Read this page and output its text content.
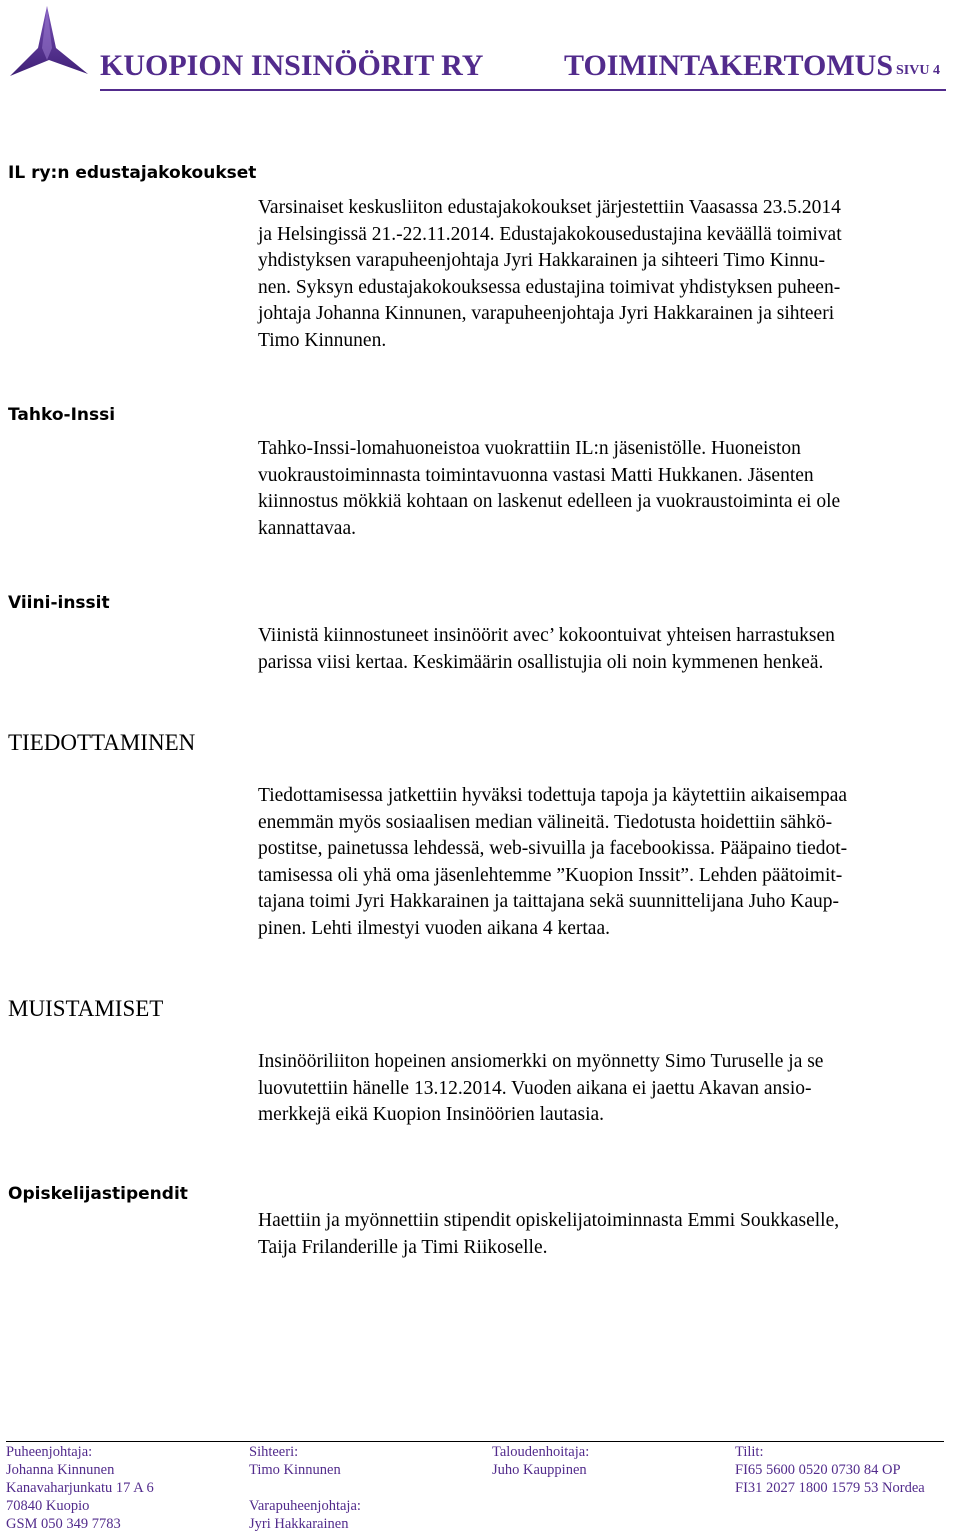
KUOPION INSINÖÖRIT RY	TOIMINTAKERTOMUS SIVU 4
IL ry:n edustajakokoukset
Varsinaiset keskusliiton edustajakokoukset järjestettiin Vaasassa 23.5.2014
ja Helsingissä 21.-22.11.2014. Edustajakokousedustajina keväällä toimivat
yhdistyksen varapuheenjohtaja Jyri Hakkarainen ja sihteeri Timo Kinnu-
nen. Syksyn edustajakokouksessa edustajina toimivat yhdistyksen puheen-
johtaja Johanna Kinnunen, varapuheenjohtaja Jyri Hakkarainen ja sihteeri
Timo Kinnunen.
Tahko-Inssi
Tahko-Inssi-lomahuoneistoa vuokrattiin IL:n jäsenistölle. Huoneiston
vuokraustoiminnasta toimintavuonna vastasi Matti Hukkanen. Jäsenten
kiinnostus mökkiä kohtaan on laskenut edelleen ja vuokraustoiminta ei ole
kannattavaa.
Viini-inssit
Viinistä kiinnostuneet insinöörit avec’ kokoontuivat yhteisen harrastuksen
parissa viisi kertaa. Keskimäärin osallistujia oli noin kymmenen henkeä.
TIEDOTTAMINEN
Tiedottamisessa jatkettiin hyväksi todettuja tapoja ja käytettiin aikaisempaa
enemmän myös sosiaalisen median välineitä. Tiedotusta hoidettiin sähkö-
postitse, painetussa lehdessä, web-sivuilla ja facebookissa. Pääpaino tiedot-
tamisessa oli yhä oma jäsenlehtemme ”Kuopion Inssit”. Lehden päätoimit-
tajana toimi Jyri Hakkarainen ja taittajana sekä suunnittelijana Juho Kaup-
pinen. Lehti ilmestyi vuoden aikana 4 kertaa.
MUISTAMISET
Insinööriliiton hopeinen ansiomerkki on myönnetty Simo Turuselle ja se
luovutettiin hänelle 13.12.2014. Vuoden aikana ei jaettu Akavan ansio-
merkkejä eikä Kuopion Insinöörien lautasia.
Opiskelijastipendit
Haettiin ja myönnettiin stipendit opiskelijatoiminnasta Emmi Soukkaselle,
Taija Frilanderille ja Timi Riikoselle.
Puheenjohtaja:
Johanna Kinnunen
Kanavaharjunkatu 17 A 6
70840 Kuopio
GSM 050 349 7783
Sihteeri:
Timo Kinnunen
Varapuheenjohtaja:
Jyri Hakkarainen
Taloudenhoitaja:
Juho Kauppinen
Tilit:
FI65 5600 0520 0730 84 OP
FI31 2027 1800 1579 53 Nordea
